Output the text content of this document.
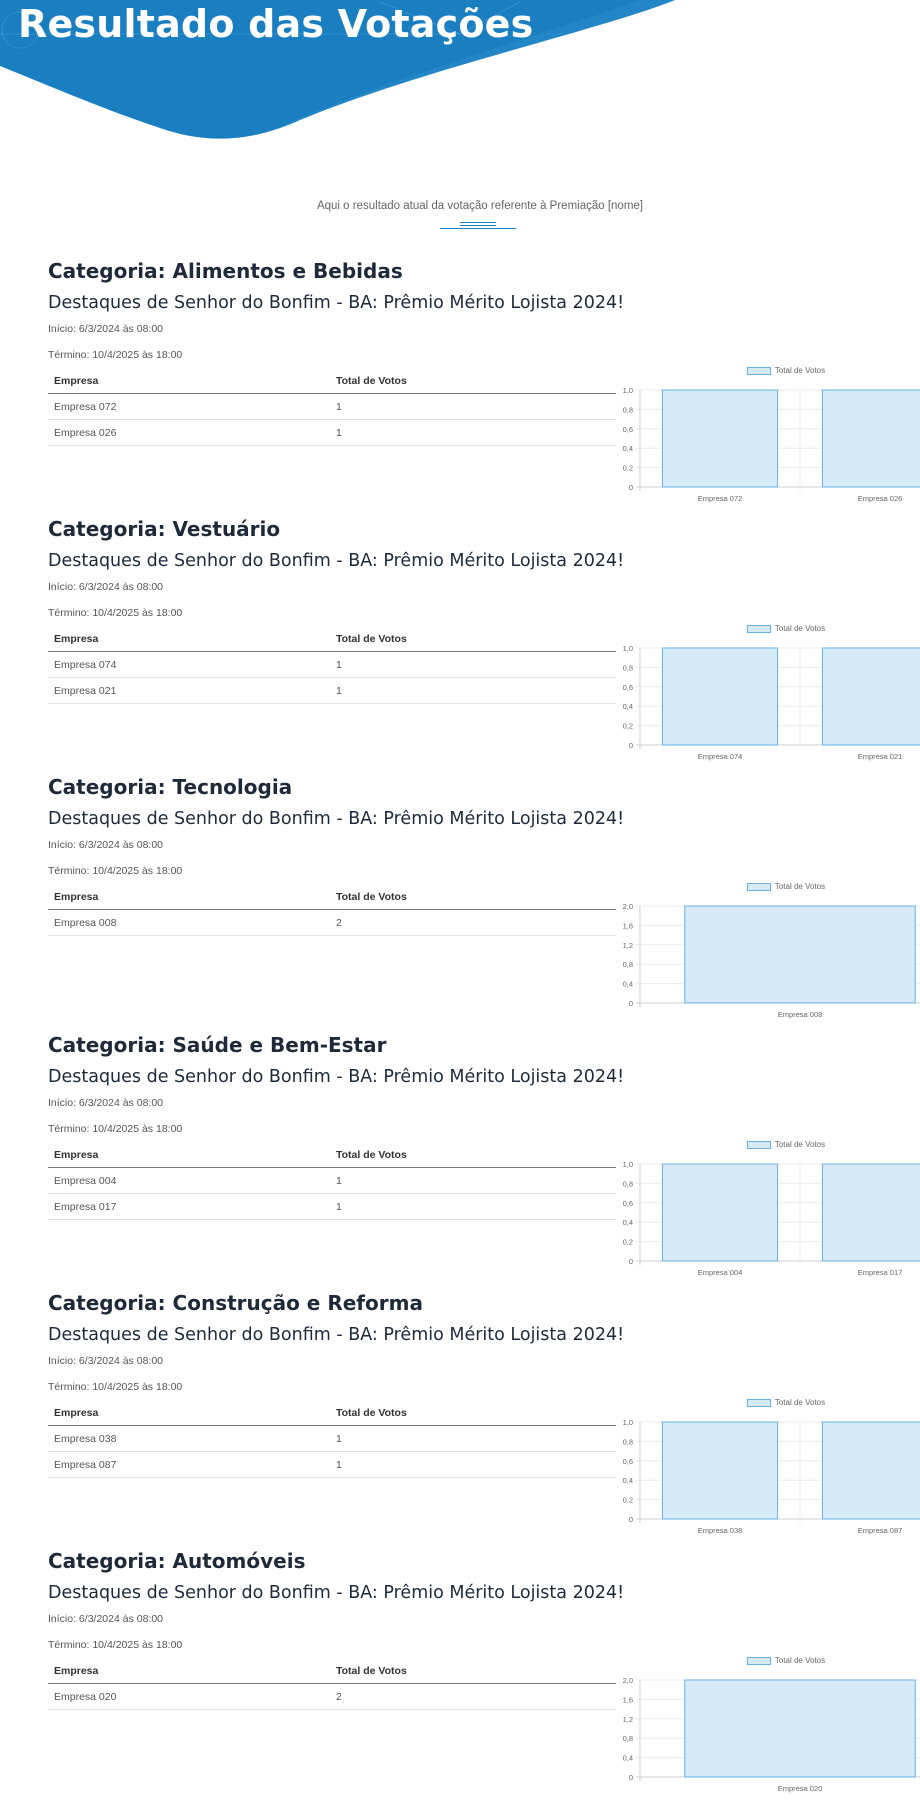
Resultado das Votações
Aqui o resultado atual da votação referente à Premiação [nome]
Categoria: Alimentos e Bebidas
Destaques de Senhor do Bonfim - BA: Prêmio Mérito Lojista 2024!
Início: 6/3/2024 às 08:00
Término: 10/4/2025 às 18:00
Empresa	Total de Votos
Empresa 072	1
Empresa 026	1
Total de Votos
0
0,2
0,4
0,6
0,8
1,0
Empresa 072	Empresa 026
Categoria: Vestuário
Destaques de Senhor do Bonfim - BA: Prêmio Mérito Lojista 2024!
Início: 6/3/2024 às 08:00
Término: 10/4/2025 às 18:00
Empresa	Total de Votos
Empresa 074	1
Empresa 021	1
Total de Votos
0
0,2
0,4
0,6
0,8
1,0
Empresa 074	Empresa 021
Categoria: Tecnologia
Destaques de Senhor do Bonfim - BA: Prêmio Mérito Lojista 2024!
Início: 6/3/2024 às 08:00
Término: 10/4/2025 às 18:00
Empresa	Total de Votos
Empresa 008	2
Total de Votos
0
0,4
0,8
1,2
1,6
2,0
Empresa 008
Categoria: Saúde e Bem-Estar
Destaques de Senhor do Bonfim - BA: Prêmio Mérito Lojista 2024!
Início: 6/3/2024 às 08:00
Término: 10/4/2025 às 18:00
Empresa	Total de Votos
Empresa 004	1
Empresa 017	1
Total de Votos
0
0,2
0,4
0,6
0,8
1,0
Empresa 004	Empresa 017
Categoria: Construção e Reforma
Destaques de Senhor do Bonfim - BA: Prêmio Mérito Lojista 2024!
Início: 6/3/2024 às 08:00
Término: 10/4/2025 às 18:00
Empresa	Total de Votos
Empresa 038	1
Empresa 087	1
Total de Votos
0
0,2
0,4
0,6
0,8
1,0
Empresa 038	Empresa 087
Categoria: Automóveis
Destaques de Senhor do Bonfim - BA: Prêmio Mérito Lojista 2024!
Início: 6/3/2024 às 08:00
Término: 10/4/2025 às 18:00
Empresa	Total de Votos
Empresa 020	2
Total de Votos
0
0,4
0,8
1,2
1,6
2,0
Empresa 020
